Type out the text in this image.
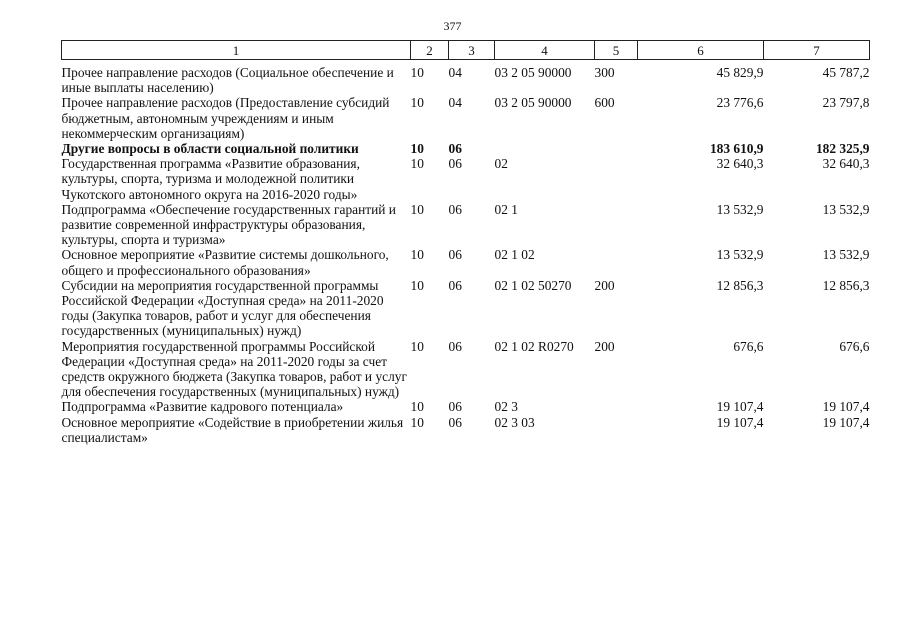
377
1	2	3	4	5	6	7
Прочее направление расходов (Социальное обеспечение и иные выплаты населению)	10	04	03 2 05 90000	300	45 829,9	45 787,2
Прочее направление расходов (Предоставление субсидий бюджетным, автономным учреждениям и иным некоммерческим организациям)	10	04	03 2 05 90000	600	23 776,6	23 797,8
Другие вопросы в области социальной политики	10	06			183 610,9	182 325,9
Государственная программа «Развитие образования, культуры, спорта, туризма и молодежной политики Чукотского автономного округа на 2016-2020 годы»	10	06	02		32 640,3	32 640,3
Подпрограмма «Обеспечение государственных гарантий и развитие современной инфраструктуры образования, культуры, спорта и туризма»	10	06	02 1		13 532,9	13 532,9
Основное мероприятие «Развитие системы дошкольного, общего и профессионального образования»	10	06	02 1 02		13 532,9	13 532,9
Субсидии на мероприятия государственной программы Российской Федерации «Доступная среда» на 2011-2020 годы (Закупка товаров, работ и услуг для обеспечения государственных (муниципальных) нужд)	10	06	02 1 02 50270	200	12 856,3	12 856,3
Мероприятия государственной программы Российской Федерации «Доступная среда» на 2011-2020 годы за счет средств окружного бюджета (Закупка товаров, работ и услуг для обеспечения государственных (муниципальных) нужд)	10	06	02 1 02 R0270	200	676,6	676,6
Подпрограмма «Развитие кадрового потенциала»	10	06	02 3		19 107,4	19 107,4
Основное мероприятие «Содействие в приобретении жилья специалистам»	10	06	02 3 03		19 107,4	19 107,4
